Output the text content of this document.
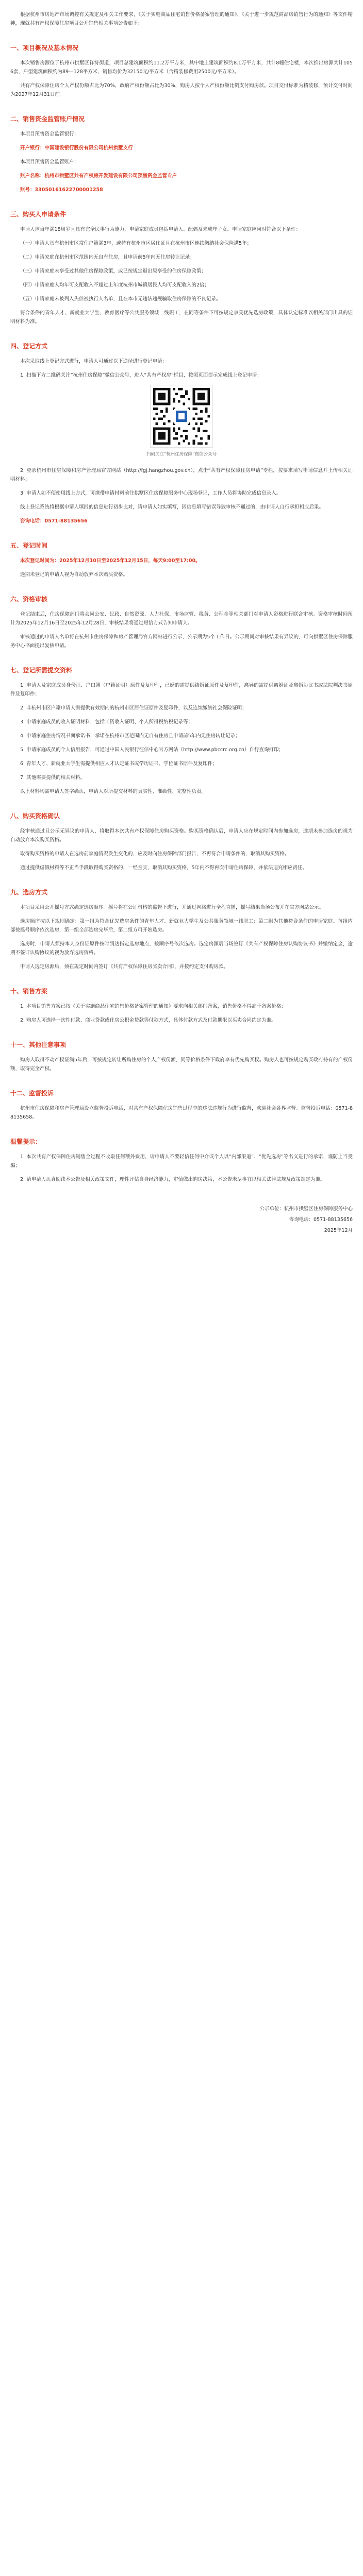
根据杭州市房地产市场调控有关规定及相关工作要求，《关于实施商品住宅销售价格备案管理的通知》、《关于进一步规范商品房销售行为的通知》等文件精神，现就共有产权保障住房项目公开销售相关事项公告如下：

一、项目概况及基本情况

本次销售房源位于杭州市拱墅区祥符街道，项目总建筑面积约11.2万平方米，其中地上建筑面积约8.1万平方米，共计8幢住宅楼，本次推出房源共计1056套，户型建筑面积约为89—128平方米，销售均价为32150元/平方米（含精装修费用2500元/平方米）。

共有产权保障住房个人产权份额占比为70%，政府产权份额占比为30%，购房人按个人产权份额比例支付购房款。项目交付标准为精装修，预计交付时间为2027年12月31日前。

二、销售资金监管账户情况

本项目预售资金监管银行：

开户银行：中国建设银行股份有限公司杭州拱墅支行

本项目预售资金监管账户：

账户名称：杭州市拱墅区共有产权房开发建设有限公司预售资金监管专户

账号：33050161622700001258

三、购买人申请条件

申请人应当年满18周岁且具有完全民事行为能力，申请家庭成员包括申请人、配偶及未成年子女。申请家庭应同时符合以下条件：

（一）申请人具有杭州市区常住户籍满3年，或持有杭州市区居住证且在杭州市区连续缴纳社会保险满5年；

（二）申请家庭在杭州市区范围内无自有住房，且申请前5年内无住房转让记录；

（三）申请家庭未享受过其他住房保障政策，或已按规定退出原享受的住房保障政策；

（四）申请家庭人均年可支配收入不超过上年度杭州市城镇居民人均可支配收入的2倍；

（五）申请家庭未被列入失信被执行人名单，且在本市无违法违规骗取住房保障的不良记录。

符合条件的青年人才、新就业大学生、教育医疗等公共服务领域一线职工，在同等条件下可按规定享受优先选房政策，具体认定标准以相关部门出具的证明材料为准。

四、登记方式

本次采取线上登记方式进行，申请人可通过以下途径进行登记申请：

1. 扫描下方二维码关注“杭州住房保障”微信公众号，进入“共有产权房”栏目，按照页面提示完成线上登记申请；

扫码关注“杭州住房保障”微信公众号

2. 登录杭州市住房保障和房产管理局官方网站（http://fgj.hangzhou.gov.cn），点击“共有产权保障住房申请”专栏，按要求填写申请信息并上传相关证明材料；

3. 申请人如不便使用线上方式，可携带申请材料前往拱墅区住房保障服务中心现场登记，工作人员将协助完成信息录入。

线上登记系统将根据申请人填报的信息进行初步比对，请申请人如实填写，因信息填写错误导致审核不通过的，由申请人自行承担相应后果。

咨询电话：0571-88135656

五、登记时间

本次登记时间为：2025年12月10日至2025年12月15日，每天9:00至17:00。

逾期未登记的申请人视为自动放弃本次购买资格。

六、资格审核

登记结束后，住房保障部门将会同公安、民政、自然资源、人力社保、市场监管、税务、公积金等相关部门对申请人资格进行联合审核。资格审核时间预计为2025年12月16日至2025年12月28日，审核结果将通过短信方式告知申请人。

审核通过的申请人名单将在杭州市住房保障和房产管理局官方网站进行公示，公示期为5个工作日。公示期间对审核结果有异议的，可向拱墅区住房保障服务中心书面提出复核申请。

七、登记所需提交资料

1. 申请人及家庭成员身份证、户口簿（户籍证明）原件及复印件，已婚的需提供结婚证原件及复印件，离异的需提供离婚证及离婚协议书或法院判决书原件及复印件；

2. 非杭州市区户籍申请人需提供有效期内的杭州市区居住证原件及复印件，以及连续缴纳社会保险证明；

3. 申请家庭成员的收入证明材料，包括工资收入证明、个人所得税纳税记录等；

4. 申请家庭住房情况书面承诺书，承诺在杭州市区范围内无自有住房且申请前5年内无住房转让记录；

5. 申请家庭成员的个人信用报告，可通过中国人民银行征信中心官方网站（http://www.pbccrc.org.cn）自行查询打印；

6. 青年人才、新就业大学生需提供相应人才认定证书或学历证书、学位证书原件及复印件；

7. 其他需要提供的相关材料。

以上材料均需申请人签字确认，申请人对所提交材料的真实性、准确性、完整性负责。

八、购买资格确认

经审核通过且公示无异议的申请人，将取得本次共有产权保障住房购买资格。购买资格确认后，申请人应在规定时间内参加选房，逾期未参加选房的视为自动放弃本次购买资格。

取得购买资格的申请人在选房前家庭情况发生变化的，应及时向住房保障部门报告，不再符合申请条件的，取消其购买资格。

通过提供虚假材料等不正当手段取得购买资格的，一经查实，取消其购买资格，5年内不得再次申请住房保障，并依法追究相应责任。

九、选房方式

本项目采用公开摇号方式确定选房顺序。摇号将在公证机构的监督下进行，并通过网络进行全程直播，摇号结果当场公布并在官方网站公示。

选房顺序按以下规则确定：第一组为符合优先选房条件的青年人才、新就业大学生及公共服务领域一线职工；第二组为其他符合条件的申请家庭。每组内部按摇号顺序依次选房，第一组全部选房完毕后，第二组方可开始选房。

选房时，申请人须持本人身份证原件按时到达指定选房地点，按顺序号依次选房。选定房源后当场签订《共有产权保障住房认购协议书》并缴纳定金，逾期不签订认购协议的视为放弃选房资格。

申请人选定房源后，须在规定时间内签订《共有产权保障住房买卖合同》，并按约定支付购房款。

十、销售方案

1. 本项目销售方案已按《关于实施商品住宅销售价格备案管理的通知》要求向相关部门备案，销售价格不得高于备案价格；

2. 购房人可选择一次性付款、商业贷款或住房公积金贷款等付款方式，具体付款方式及付款期限以买卖合同约定为准。

十一、其他注意事项

购房人取得不动产权证满5年后，可按规定转让所购住房的个人产权份额，同等价格条件下政府享有优先购买权。购房人也可按规定购买政府持有的产权份额，取得完全产权。

十二、监督投诉

杭州市住房保障和房产管理局设立监督投诉电话，对共有产权保障住房销售过程中的违法违规行为进行监督，欢迎社会各界监督。监督投诉电话：0571-88135658。

温馨提示：

1. 本次共有产权保障住房销售全过程不收取任何额外费用，请申请人不要轻信任何中介或个人以“内部渠道”、“优先选房”等名义进行的承诺，谨防上当受骗；

2. 请申请人认真阅读本公告及相关政策文件，理性评估自身经济能力，审慎做出购房决策，本公告未尽事宜以相关法律法规及政策规定为准。

公示单位：杭州市拱墅区住房保障服务中心
咨询电话：0571-88135656
2025年12月
